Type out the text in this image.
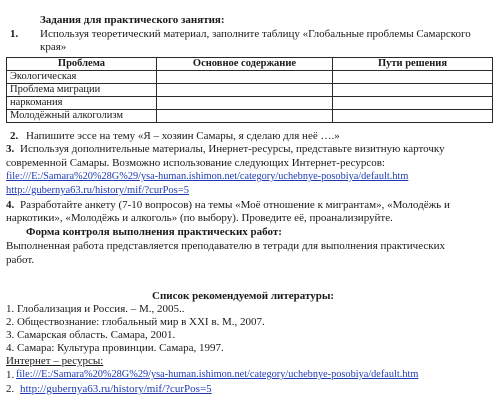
Задания для практического занятия:
1. Используя теоретический материал, заполните таблицу «Глобальные проблемы Самарского
края»
Проблема	Основное содержание	Пути решения
Экологическая		
Проблема миграции		
наркомания		
Молодёжный алкоголизм		
2. Напишите эссе на тему «Я – хозяин Самары, я сделаю для неё ….»
3. Используя дополнительные материалы, Инернет-ресурсы, представьте визитную карточку
современной Самары. Возможно использование следующих Интернет-ресурсов:
file:///E:/Samara%20%28G%29/ysa-human.ishimon.net/category/uchebnye-posobiya/default.htm
http://gubernya63.ru/history/mif/?curPos=5
4. Разработайте анкету (7-10 вопросов) на темы «Моё отношение к мигрантам», «Молодёжь и
наркотики», «Молодёжь и алкоголь» (по выбору). Проведите её, проанализируйте.
Форма контроля выполнения практических работ:
Выполненная работа представляется преподавателю в тетради для выполнения практических
работ.
Список рекомендуемой литературы:
1. Глобализация и Россия. – М., 2005..
2. Обществознание: глобальный мир в XXI в. М., 2007.
3. Самарская область. Самара, 2001.
4. Самара: Культура провинции. Самара, 1997.
Интернет – ресурсы:
1. file:///E:/Samara%20%28G%29/ysa-human.ishimon.net/category/uchebnye-posobiya/default.htm
2. http://gubernya63.ru/history/mif/?curPos=5
